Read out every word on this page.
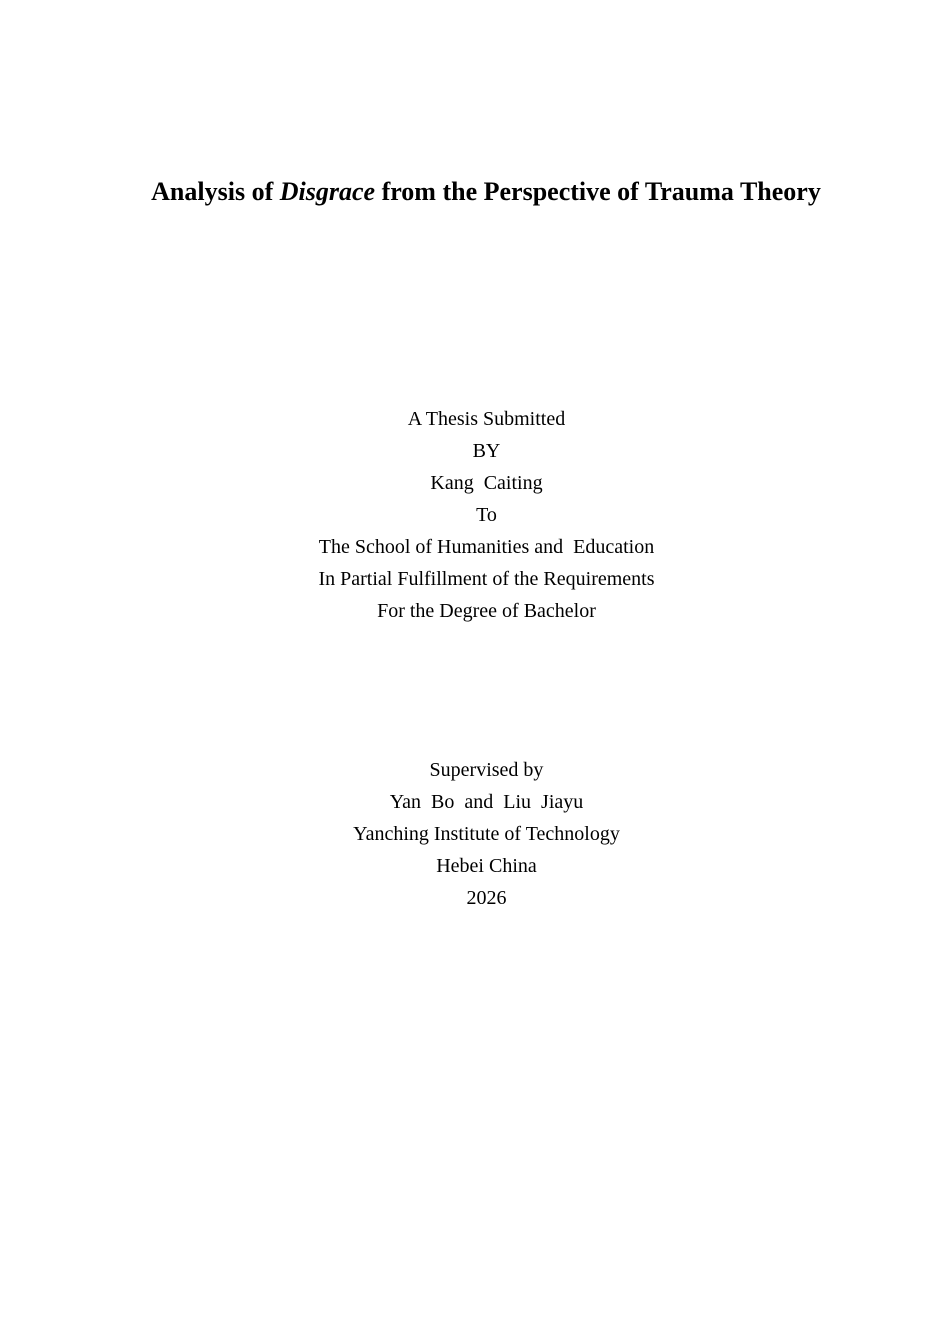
Analysis of Disgrace from the Perspective of Trauma Theory
A Thesis Submitted
BY
Kang  Caiting
To
The School of Humanities and  Education
In Partial Fulfillment of the Requirements
For the Degree of Bachelor
Supervised by
Yan  Bo  and  Liu  Jiayu
Yanching Institute of Technology
Hebei China
2026
